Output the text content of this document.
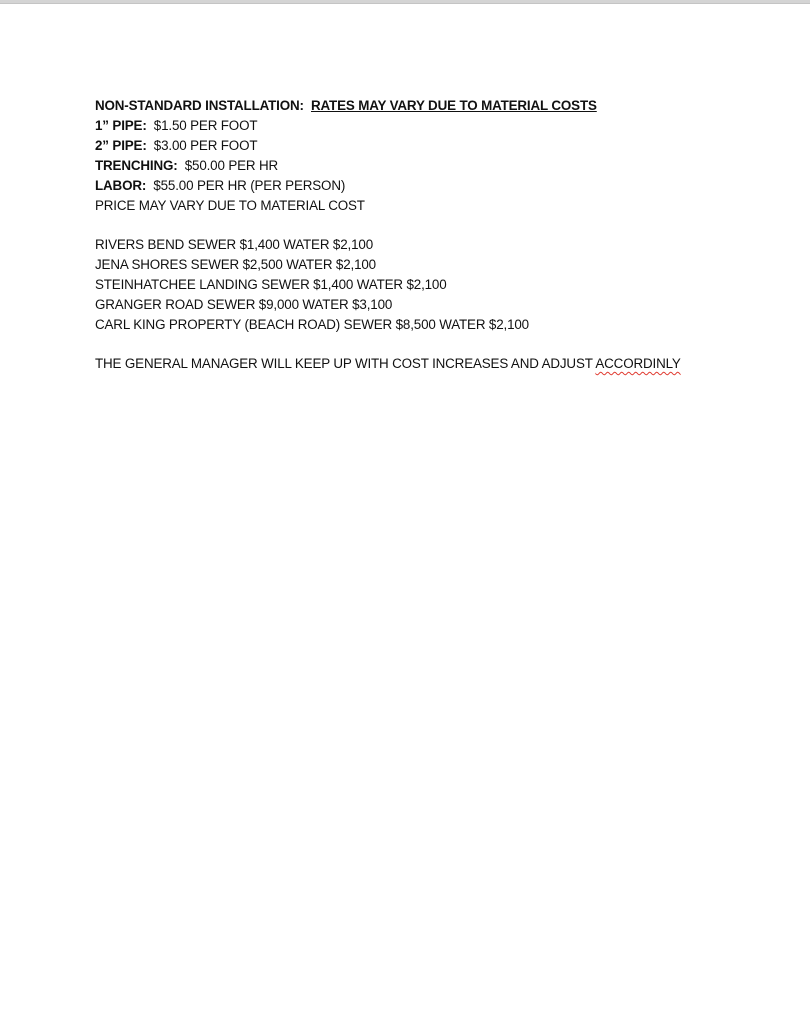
NON-STANDARD INSTALLATION: RATES MAY VARY DUE TO MATERIAL COSTS
1” PIPE: $1.50 PER FOOT
2” PIPE: $3.00 PER FOOT
TRENCHING: $50.00 PER HR
LABOR: $55.00 PER HR (PER PERSON)
PRICE MAY VARY DUE TO MATERIAL COST
RIVERS BEND SEWER $1,400 WATER $2,100
JENA SHORES SEWER $2,500 WATER $2,100
STEINHATCHEE LANDING SEWER $1,400 WATER $2,100
GRANGER ROAD SEWER $9,000 WATER $3,100
CARL KING PROPERTY (BEACH ROAD) SEWER $8,500 WATER $2,100
THE GENERAL MANAGER WILL KEEP UP WITH COST INCREASES AND ADJUST ACCORDINLY
